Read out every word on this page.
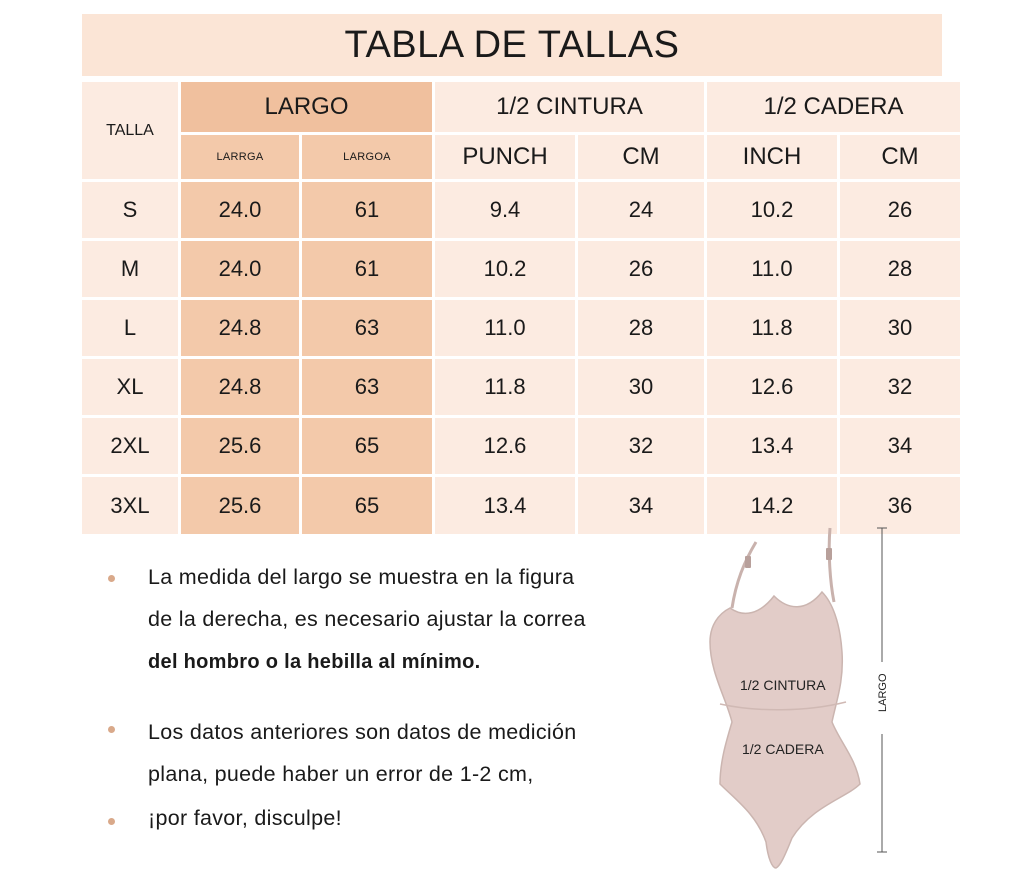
TABLA DE TALLAS
TALLA
LARGO	1/2 CINTURA	1/2 CADERA
LARRGA	LARGOA	PUNCH	CM	INCH	CM
S	24.0	61	9.4	24	10.2	26
M	24.0	61	10.2	26	11.0	28
L	24.8	63	11.0	28	11.8	30
XL	24.8	63	11.8	30	12.6	32
2XL	25.6	65	12.6	32	13.4	34
3XL	25.6	65	13.4	34	14.2	36
La medida del largo se muestra en la figura
de la derecha, es necesario ajustar la correa
del hombro o la hebilla al mínimo.
Los datos anteriores son datos de medición
plana, puede haber un error de 1-2 cm,
¡por favor, disculpe!
1/2 CINTURA
1/2 CADERA
LARGO
